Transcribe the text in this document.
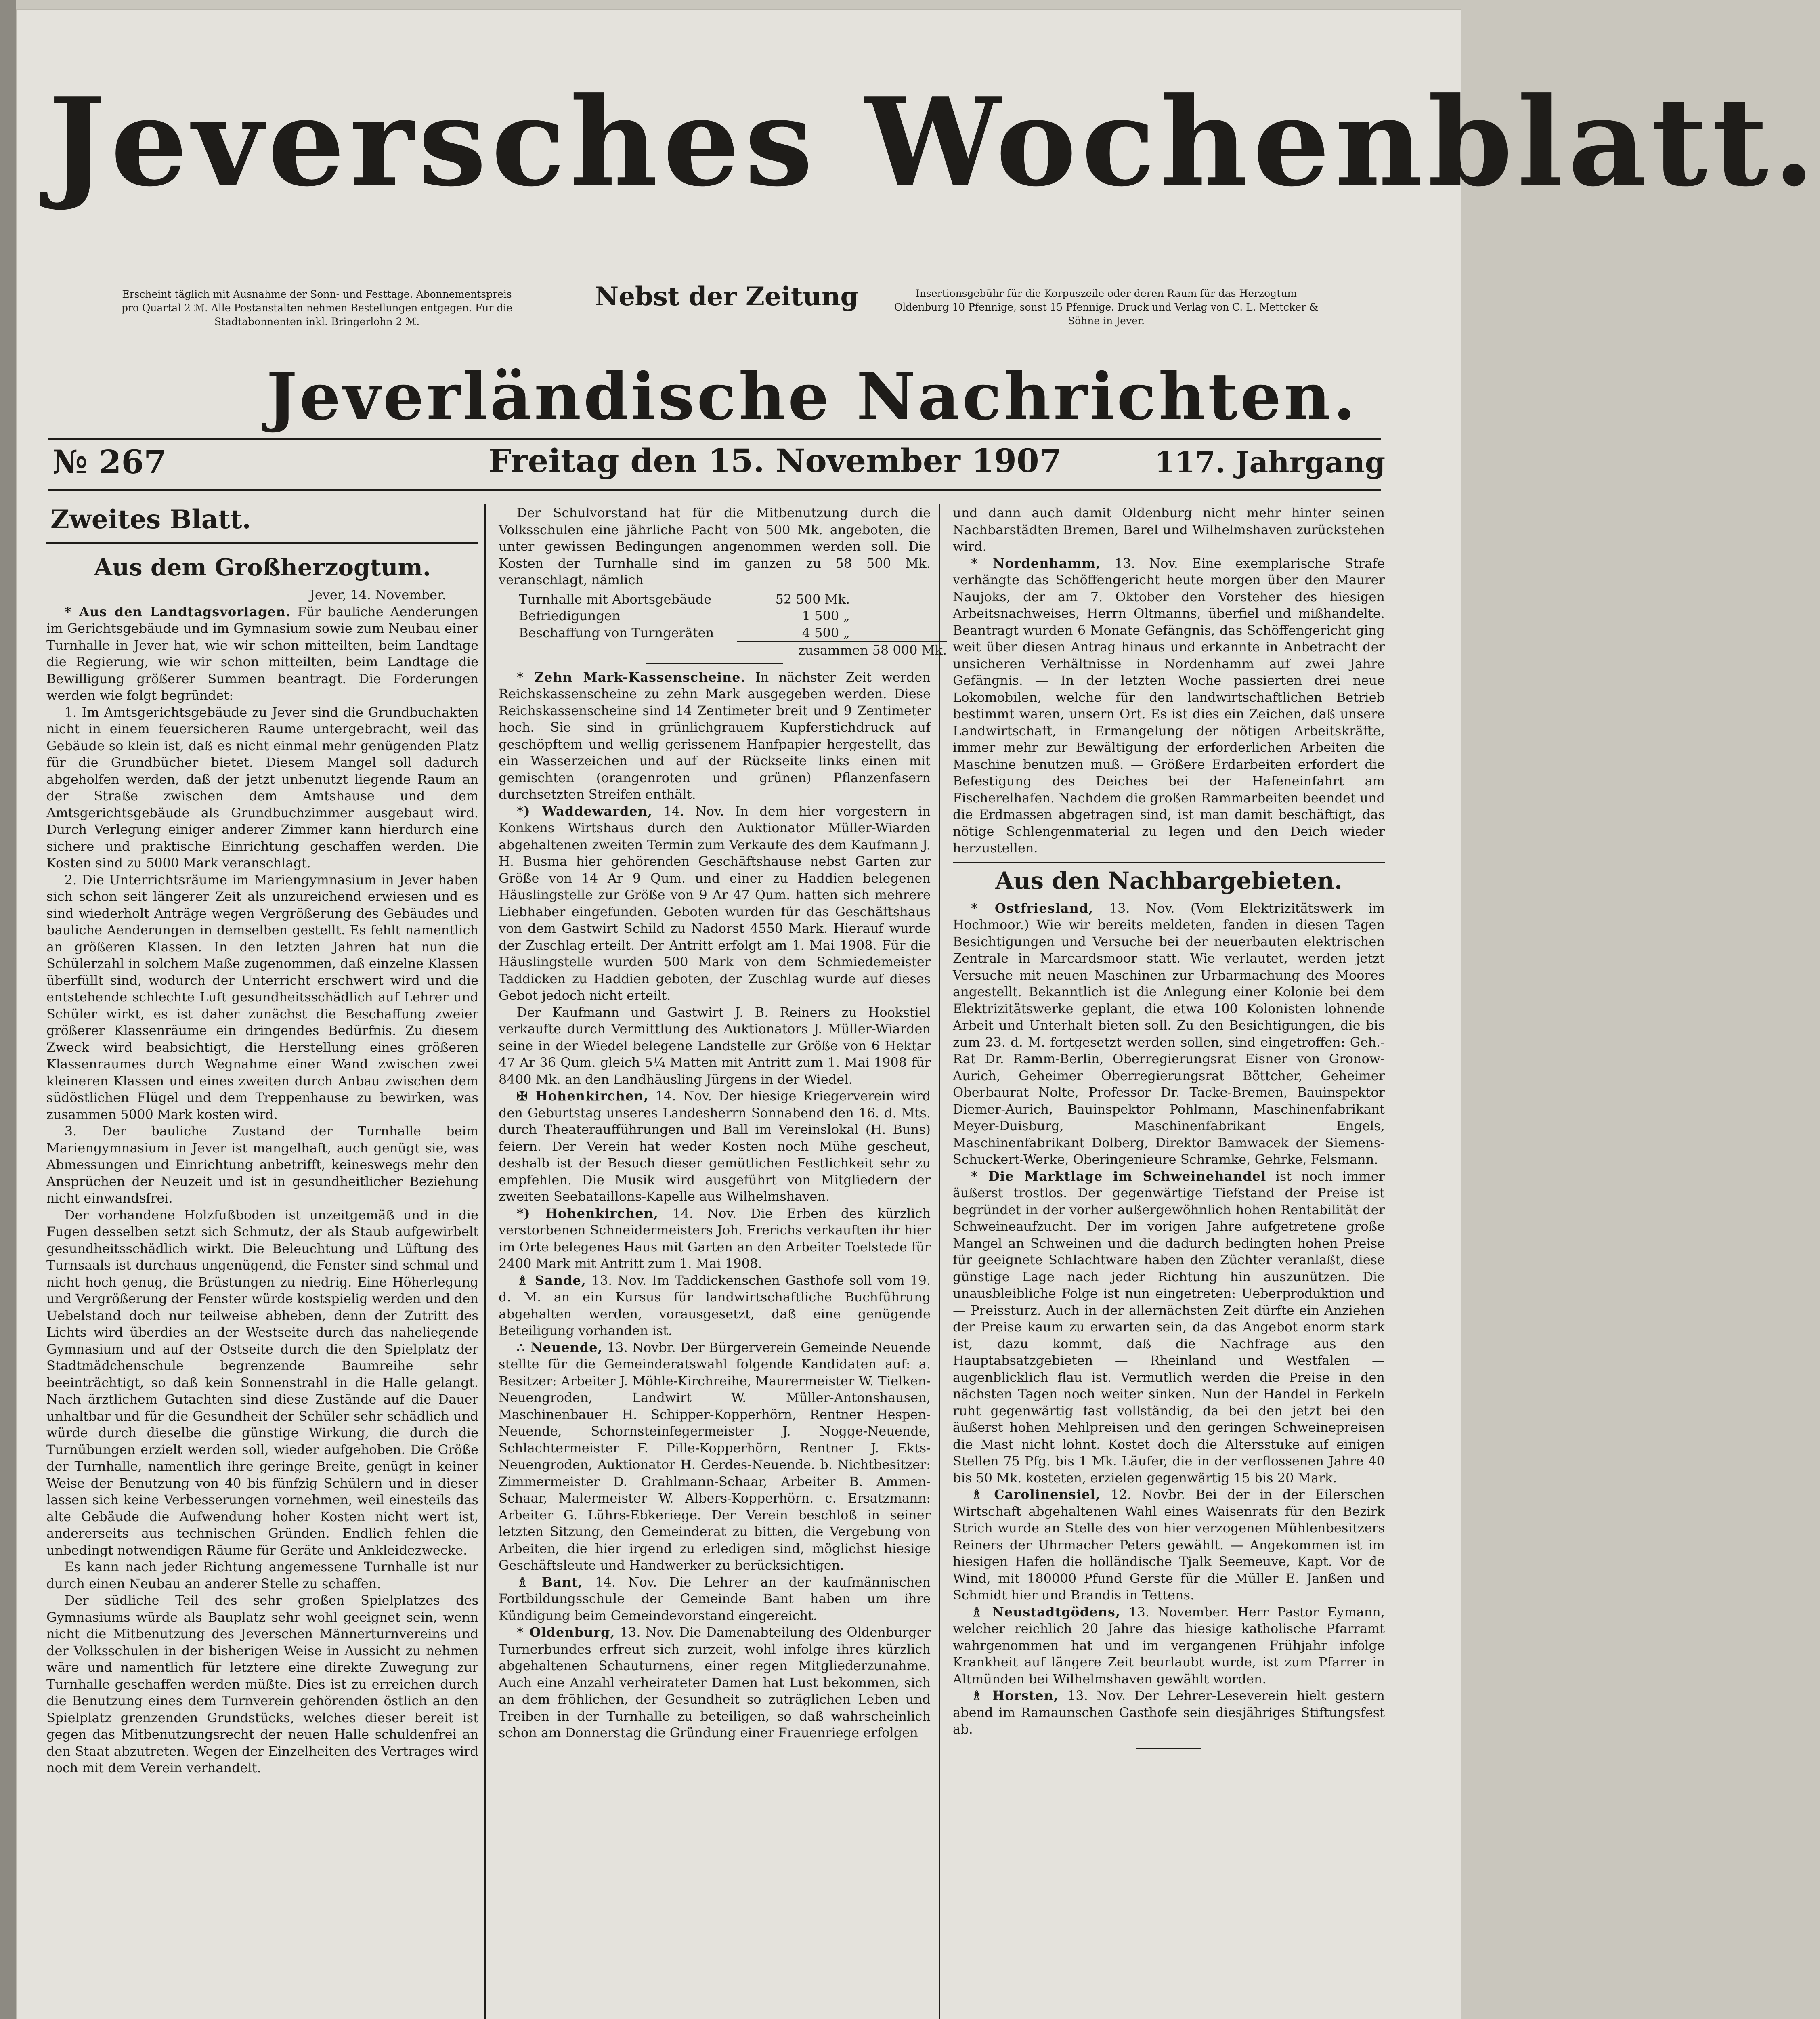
Jeversches Wochenblatt.
Erscheint täglich mit Ausnahme der Sonn- und Festtage. Abonnementspreis pro Quartal 2 ℳ. Alle Postanstalten nehmen Bestellungen entgegen. Für die Stadtabonnenten inkl. Bringerlohn 2 ℳ.
Nebst der Zeitung	Insertionsgebühr für die Korpuszeile oder deren Raum für das Herzogtum Oldenburg 10 Pfennige, sonst 15 Pfennige. Druck und Verlag von C. L. Mettcker & Söhne in Jever.
Jeverländische Nachrichten.
№ 267	Freitag den 15. November 1907	117. Jahrgang
Zweites Blatt.
Aus dem Großherzogtum.

Jever, 14. November.

* Aus den Landtagsvorlagen. Für bauliche Aenderungen im Gerichtsgebäude und im Gymnasium sowie zum Neubau einer Turnhalle in Jever hat, wie wir schon mitteilten, beim Landtage die Regierung, wie wir schon mitteilten, beim Landtage die Bewilligung größerer Summen beantragt. Die Forderungen werden wie folgt begründet:

1. Im Amtsgerichtsgebäude zu Jever sind die Grundbuchakten nicht in einem feuersicheren Raume untergebracht, weil das Gebäude so klein ist, daß es nicht einmal mehr genügenden Platz für die Grundbücher bietet. Diesem Mangel soll dadurch abgeholfen werden, daß der jetzt unbenutzt liegende Raum an der Straße zwischen dem Amtshause und dem Amtsgerichtsgebäude als Grundbuchzimmer ausgebaut wird. Durch Verlegung einiger anderer Zimmer kann hierdurch eine sichere und praktische Einrichtung geschaffen werden. Die Kosten sind zu 5000 Mark veranschlagt.

2. Die Unterrichtsräume im Mariengymnasium in Jever haben sich schon seit längerer Zeit als unzureichend erwiesen und es sind wiederholt Anträge wegen Vergrößerung des Gebäudes und bauliche Aenderungen in demselben gestellt. Es fehlt namentlich an größeren Klassen. In den letzten Jahren hat nun die Schülerzahl in solchem Maße zugenommen, daß einzelne Klassen überfüllt sind, wodurch der Unterricht erschwert wird und die entstehende schlechte Luft gesundheitsschädlich auf Lehrer und Schüler wirkt, es ist daher zunächst die Beschaffung zweier größerer Klassenräume ein dringendes Bedürfnis. Zu diesem Zweck wird beabsichtigt, die Herstellung eines größeren Klassenraumes durch Wegnahme einer Wand zwischen zwei kleineren Klassen und eines zweiten durch Anbau zwischen dem südöstlichen Flügel und dem Treppenhause zu bewirken, was zusammen 5000 Mark kosten wird.

3. Der bauliche Zustand der Turnhalle beim Mariengymnasium in Jever ist mangelhaft, auch genügt sie, was Abmessungen und Einrichtung anbetrifft, keineswegs mehr den Ansprüchen der Neuzeit und ist in gesundheitlicher Beziehung nicht einwandsfrei.

Der vorhandene Holzfußboden ist unzeitgemäß und in die Fugen desselben setzt sich Schmutz, der als Staub aufgewirbelt gesundheitsschädlich wirkt. Die Beleuchtung und Lüftung des Turnsaals ist durchaus ungenügend, die Fenster sind schmal und nicht hoch genug, die Brüstungen zu niedrig. Eine Höherlegung und Vergrößerung der Fenster würde kostspielig werden und den Uebelstand doch nur teilweise abheben, denn der Zutritt des Lichts wird überdies an der Westseite durch das naheliegende Gymnasium und auf der Ostseite durch die den Spielplatz der Stadtmädchenschule begrenzende Baumreihe sehr beeinträchtigt, so daß kein Sonnenstrahl in die Halle gelangt. Nach ärztlichem Gutachten sind diese Zustände auf die Dauer unhaltbar und für die Gesundheit der Schüler sehr schädlich und würde durch dieselbe die günstige Wirkung, die durch die Turnübungen erzielt werden soll, wieder aufgehoben. Die Größe der Turnhalle, namentlich ihre geringe Breite, genügt in keiner Weise der Benutzung von 40 bis fünfzig Schülern und in dieser lassen sich keine Verbesserungen vornehmen, weil einesteils das alte Gebäude die Aufwendung hoher Kosten nicht wert ist, andererseits aus technischen Gründen. Endlich fehlen die unbedingt notwendigen Räume für Geräte und Ankleidezwecke.

Es kann nach jeder Richtung angemessene Turnhalle ist nur durch einen Neubau an anderer Stelle zu schaffen.

Der südliche Teil des sehr großen Spielplatzes des Gymnasiums würde als Bauplatz sehr wohl geeignet sein, wenn nicht die Mitbenutzung des Jeverschen Männerturnvereins und der Volksschulen in der bisherigen Weise in Aussicht zu nehmen wäre und namentlich für letztere eine direkte Zuwegung zur Turnhalle geschaffen werden müßte. Dies ist zu erreichen durch die Benutzung eines dem Turnverein gehörenden östlich an den Spielplatz grenzenden Grundstücks, welches dieser bereit ist gegen das Mitbenutzungsrecht der neuen Halle schuldenfrei an den Staat abzutreten. Wegen der Einzelheiten des Vertrages wird noch mit dem Verein verhandelt.

Der Schulvorstand hat für die Mitbenutzung durch die Volksschulen eine jährliche Pacht von 500 Mk. angeboten, die unter gewissen Bedingungen angenommen werden soll. Die Kosten der Turnhalle sind im ganzen zu 58 500 Mk. veranschlagt, nämlich

Turnhalle mit Abortsgebäude	52 500 Mk.
Befriedigungen	1 500 „
Beschaffung von Turngeräten	4 500 „
zusammen 58 000 Mk.

* Zehn Mark-Kassenscheine. In nächster Zeit werden Reichskassenscheine zu zehn Mark ausgegeben werden. Diese Reichskassenscheine sind 14 Zentimeter breit und 9 Zentimeter hoch. Sie sind in grünlichgrauem Kupferstichdruck auf geschöpftem und wellig gerissenem Hanfpapier hergestellt, das ein Wasserzeichen und auf der Rückseite links einen mit gemischten (orangenroten und grünen) Pflanzenfasern durchsetzten Streifen enthält.

*) Waddewarden, 14. Nov. In dem hier vorgestern in Konkens Wirtshaus durch den Auktionator Müller-Wiarden abgehaltenen zweiten Termin zum Verkaufe des dem Kaufmann J. H. Busma hier gehörenden Geschäftshause nebst Garten zur Größe von 14 Ar 9 Qum. und einer zu Haddien belegenen Häuslingstelle zur Größe von 9 Ar 47 Qum. hatten sich mehrere Liebhaber eingefunden. Geboten wurden für das Geschäftshaus von dem Gastwirt Schild zu Nadorst 4550 Mark. Hierauf wurde der Zuschlag erteilt. Der Antritt erfolgt am 1. Mai 1908. Für die Häuslingstelle wurden 500 Mark von dem Schmiedemeister Taddicken zu Haddien geboten, der Zuschlag wurde auf dieses Gebot jedoch nicht erteilt.

Der Kaufmann und Gastwirt J. B. Reiners zu Hookstiel verkaufte durch Vermittlung des Auktionators J. Müller-Wiarden seine in der Wiedel belegene Landstelle zur Größe von 6 Hektar 47 Ar 36 Qum. gleich 5¼ Matten mit Antritt zum 1. Mai 1908 für 8400 Mk. an den Landhäusling Jürgens in der Wiedel.

✠ Hohenkirchen, 14. Nov. Der hiesige Kriegerverein wird den Geburtstag unseres Landesherrn Sonnabend den 16. d. Mts. durch Theateraufführungen und Ball im Vereinslokal (H. Buns) feiern. Der Verein hat weder Kosten noch Mühe gescheut, deshalb ist der Besuch dieser gemütlichen Festlichkeit sehr zu empfehlen. Die Musik wird ausgeführt von Mitgliedern der zweiten Seebataillons-Kapelle aus Wilhelmshaven.

*) Hohenkirchen, 14. Nov. Die Erben des kürzlich verstorbenen Schneidermeisters Joh. Frerichs verkauften ihr hier im Orte belegenes Haus mit Garten an den Arbeiter Toelstede für 2400 Mark mit Antritt zum 1. Mai 1908.

♗ Sande, 13. Nov. Im Taddickenschen Gasthofe soll vom 19. d. M. an ein Kursus für landwirtschaftliche Buchführung abgehalten werden, vorausgesetzt, daß eine genügende Beteiligung vorhanden ist.

∴ Neuende, 13. Novbr. Der Bürgerverein Gemeinde Neuende stellte für die Gemeinderatswahl folgende Kandidaten auf: a. Besitzer: Arbeiter J. Möhle-Kirchreihe, Maurermeister W. Tielken-Neuengroden, Landwirt W. Müller-Antonshausen, Maschinenbauer H. Schipper-Kopperhörn, Rentner Hespen-Neuende, Schornsteinfegermeister J. Nogge-Neuende, Schlachtermeister F. Pille-Kopperhörn, Rentner J. Ekts-Neuengroden, Auktionator H. Gerdes-Neuende. b. Nichtbesitzer: Zimmermeister D. Grahlmann-Schaar, Arbeiter B. Ammen-Schaar, Malermeister W. Albers-Kopperhörn. c. Ersatzmann: Arbeiter G. Lührs-Ebkeriege. Der Verein beschloß in seiner letzten Sitzung, den Gemeinderat zu bitten, die Vergebung von Arbeiten, die hier irgend zu erledigen sind, möglichst hiesige Geschäftsleute und Handwerker zu berücksichtigen.

♗ Bant, 14. Nov. Die Lehrer an der kaufmännischen Fortbildungsschule der Gemeinde Bant haben um ihre Kündigung beim Gemeindevorstand eingereicht.

* Oldenburg, 13. Nov. Die Damenabteilung des Oldenburger Turnerbundes erfreut sich zurzeit, wohl infolge ihres kürzlich abgehaltenen Schauturnens, einer regen Mitgliederzunahme. Auch eine Anzahl verheirateter Damen hat Lust bekommen, sich an dem fröhlichen, der Gesundheit so zuträglichen Leben und Treiben in der Turnhalle zu beteiligen, so daß wahrscheinlich schon am Donnerstag die Gründung einer Frauenriege erfolgen

und dann auch damit Oldenburg nicht mehr hinter seinen Nachbarstädten Bremen, Barel und Wilhelmshaven zurückstehen wird.

* Nordenhamm, 13. Nov. Eine exemplarische Strafe verhängte das Schöffengericht heute morgen über den Maurer Naujoks, der am 7. Oktober den Vorsteher des hiesigen Arbeitsnachweises, Herrn Oltmanns, überfiel und mißhandelte. Beantragt wurden 6 Monate Gefängnis, das Schöffengericht ging weit über diesen Antrag hinaus und erkannte in Anbetracht der unsicheren Verhältnisse in Nordenhamm auf zwei Jahre Gefängnis. — In der letzten Woche passierten drei neue Lokomobilen, welche für den landwirtschaftlichen Betrieb bestimmt waren, unsern Ort. Es ist dies ein Zeichen, daß unsere Landwirtschaft, in Ermangelung der nötigen Arbeitskräfte, immer mehr zur Bewältigung der erforderlichen Arbeiten die Maschine benutzen muß. — Größere Erdarbeiten erfordert die Befestigung des Deiches bei der Hafeneinfahrt am Fischerelhafen. Nachdem die großen Rammarbeiten beendet und die Erdmassen abgetragen sind, ist man damit beschäftigt, das nötige Schlengenmaterial zu legen und den Deich wieder herzustellen.

Aus den Nachbargebieten.

* Ostfriesland, 13. Nov. (Vom Elektrizitätswerk im Hochmoor.) Wie wir bereits meldeten, fanden in diesen Tagen Besichtigungen und Versuche bei der neuerbauten elektrischen Zentrale in Marcardsmoor statt. Wie verlautet, werden jetzt Versuche mit neuen Maschinen zur Urbarmachung des Moores angestellt. Bekanntlich ist die Anlegung einer Kolonie bei dem Elektrizitätswerke geplant, die etwa 100 Kolonisten lohnende Arbeit und Unterhalt bieten soll. Zu den Besichtigungen, die bis zum 23. d. M. fortgesetzt werden sollen, sind eingetroffen: Geh.-Rat Dr. Ramm-Berlin, Oberregierungsrat Eisner von Gronow-Aurich, Geheimer Oberregierungsrat Böttcher, Geheimer Oberbaurat Nolte, Professor Dr. Tacke-Bremen, Bauinspektor Diemer-Aurich, Bauinspektor Pohlmann, Maschinenfabrikant Meyer-Duisburg, Maschinenfabrikant Engels, Maschinenfabrikant Dolberg, Direktor Bamwacek der Siemens-Schuckert-Werke, Oberingenieure Schramke, Gehrke, Felsmann.

* Die Marktlage im Schweinehandel ist noch immer äußerst trostlos. Der gegenwärtige Tiefstand der Preise ist begründet in der vorher außergewöhnlich hohen Rentabilität der Schweineaufzucht. Der im vorigen Jahre aufgetretene große Mangel an Schweinen und die dadurch bedingten hohen Preise für geeignete Schlachtware haben den Züchter veranlaßt, diese günstige Lage nach jeder Richtung hin auszunützen. Die unausbleibliche Folge ist nun eingetreten: Ueberproduktion und — Preissturz. Auch in der allernächsten Zeit dürfte ein Anziehen der Preise kaum zu erwarten sein, da das Angebot enorm stark ist, dazu kommt, daß die Nachfrage aus den Hauptabsatzgebieten — Rheinland und Westfalen — augenblicklich flau ist. Vermutlich werden die Preise in den nächsten Tagen noch weiter sinken. Nun der Handel in Ferkeln ruht gegenwärtig fast vollständig, da bei den jetzt bei den äußerst hohen Mehlpreisen und den geringen Schweinepreisen die Mast nicht lohnt. Kostet doch die Altersstuke auf einigen Stellen 75 Pfg. bis 1 Mk. Läufer, die in der verflossenen Jahre 40 bis 50 Mk. kosteten, erzielen gegenwärtig 15 bis 20 Mark.

♗ Carolinensiel, 12. Novbr. Bei der in der Eilerschen Wirtschaft abgehaltenen Wahl eines Waisenrats für den Bezirk Strich wurde an Stelle des von hier verzogenen Mühlenbesitzers Reiners der Uhrmacher Peters gewählt. — Angekommen ist im hiesigen Hafen die holländische Tjalk Seemeuve, Kapt. Vor de Wind, mit 180000 Pfund Gerste für die Müller E. Janßen und Schmidt hier und Brandis in Tettens.

♗ Neustadtgödens, 13. November. Herr Pastor Eymann, welcher reichlich 20 Jahre das hiesige katholische Pfarramt wahrgenommen hat und im vergangenen Frühjahr infolge Krankheit auf längere Zeit beurlaubt wurde, ist zum Pfarrer in Altmünden bei Wilhelmshaven gewählt worden.

♗ Horsten, 13. Nov. Der Lehrer-Leseverein hielt gestern abend im Ramaunschen Gasthofe sein diesjähriges Stiftungsfest ab.
